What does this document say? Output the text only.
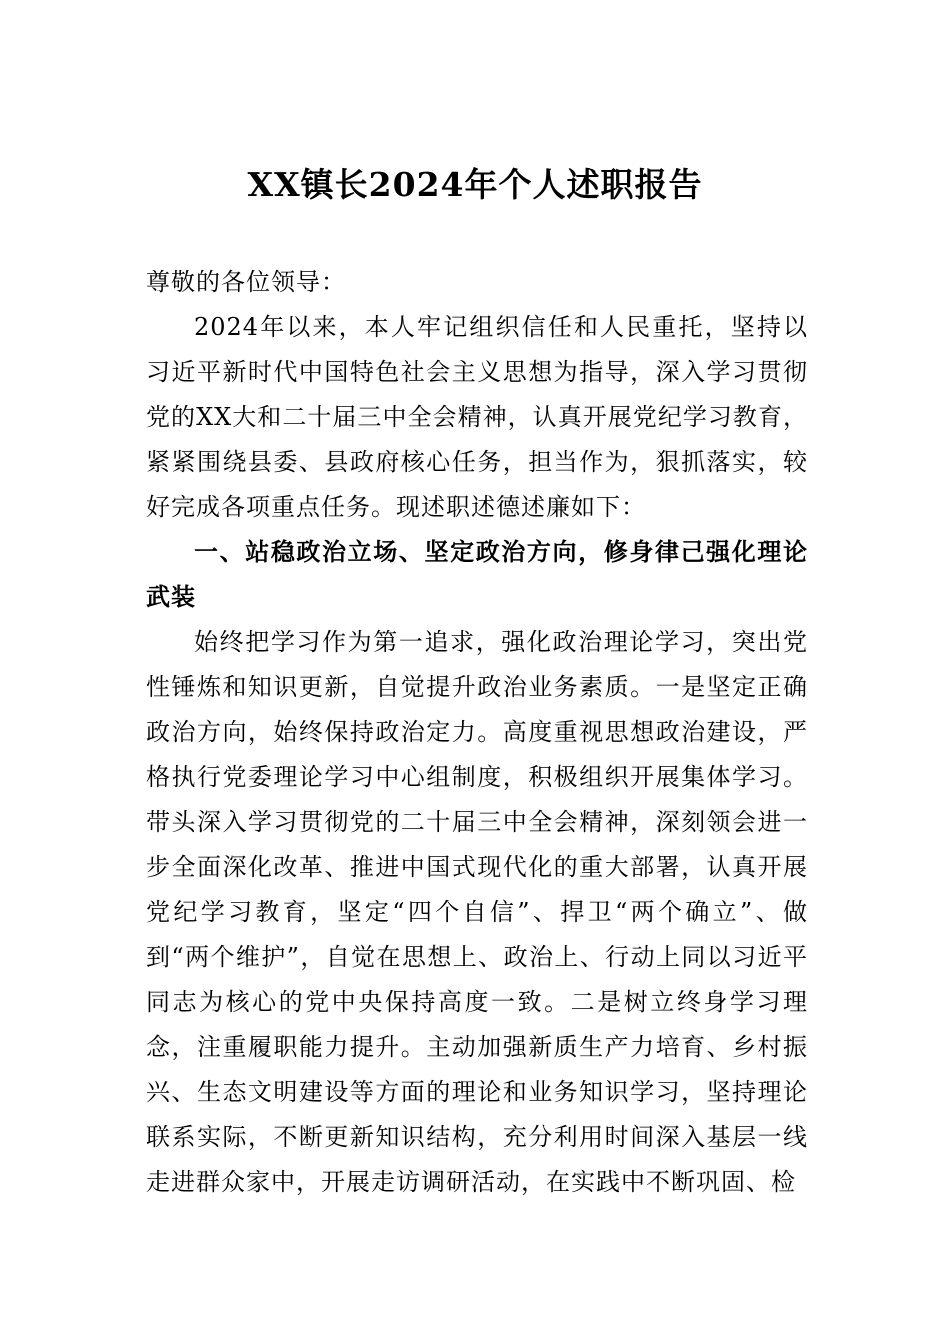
XX镇长2024年个人述职报告

尊敬的各位领导：

2024年以来，本人牢记组织信任和人民重托，坚持以习近平新时代中国特色社会主义思想为指导，深入学习贯彻党的XX大和二十届三中全会精神，认真开展党纪学习教育，紧紧围绕县委、县政府核心任务，担当作为，狠抓落实，较好完成各项重点任务。现述职述德述廉如下：

一、站稳政治立场、坚定政治方向，修身律己强化理论武装

始终把学习作为第一追求，强化政治理论学习，突出党性锤炼和知识更新，自觉提升政治业务素质。一是坚定正确政治方向，始终保持政治定力。高度重视思想政治建设，严格执行党委理论学习中心组制度，积极组织开展集体学习。带头深入学习贯彻党的二十届三中全会精神，深刻领会进一步全面深化改革、推进中国式现代化的重大部署，认真开展党纪学习教育，坚定“四个自信”、捍卫“两个确立”、做到“两个维护”，自觉在思想上、政治上、行动上同以习近平同志为核心的党中央保持高度一致。二是树立终身学习理念，注重履职能力提升。主动加强新质生产力培育、乡村振兴、生态文明建设等方面的理论和业务知识学习，坚持理论联系实际，不断更新知识结构，充分利用时间深入基层一线走进群众家中，开展走访调研活动，在实践中不断巩固、检
